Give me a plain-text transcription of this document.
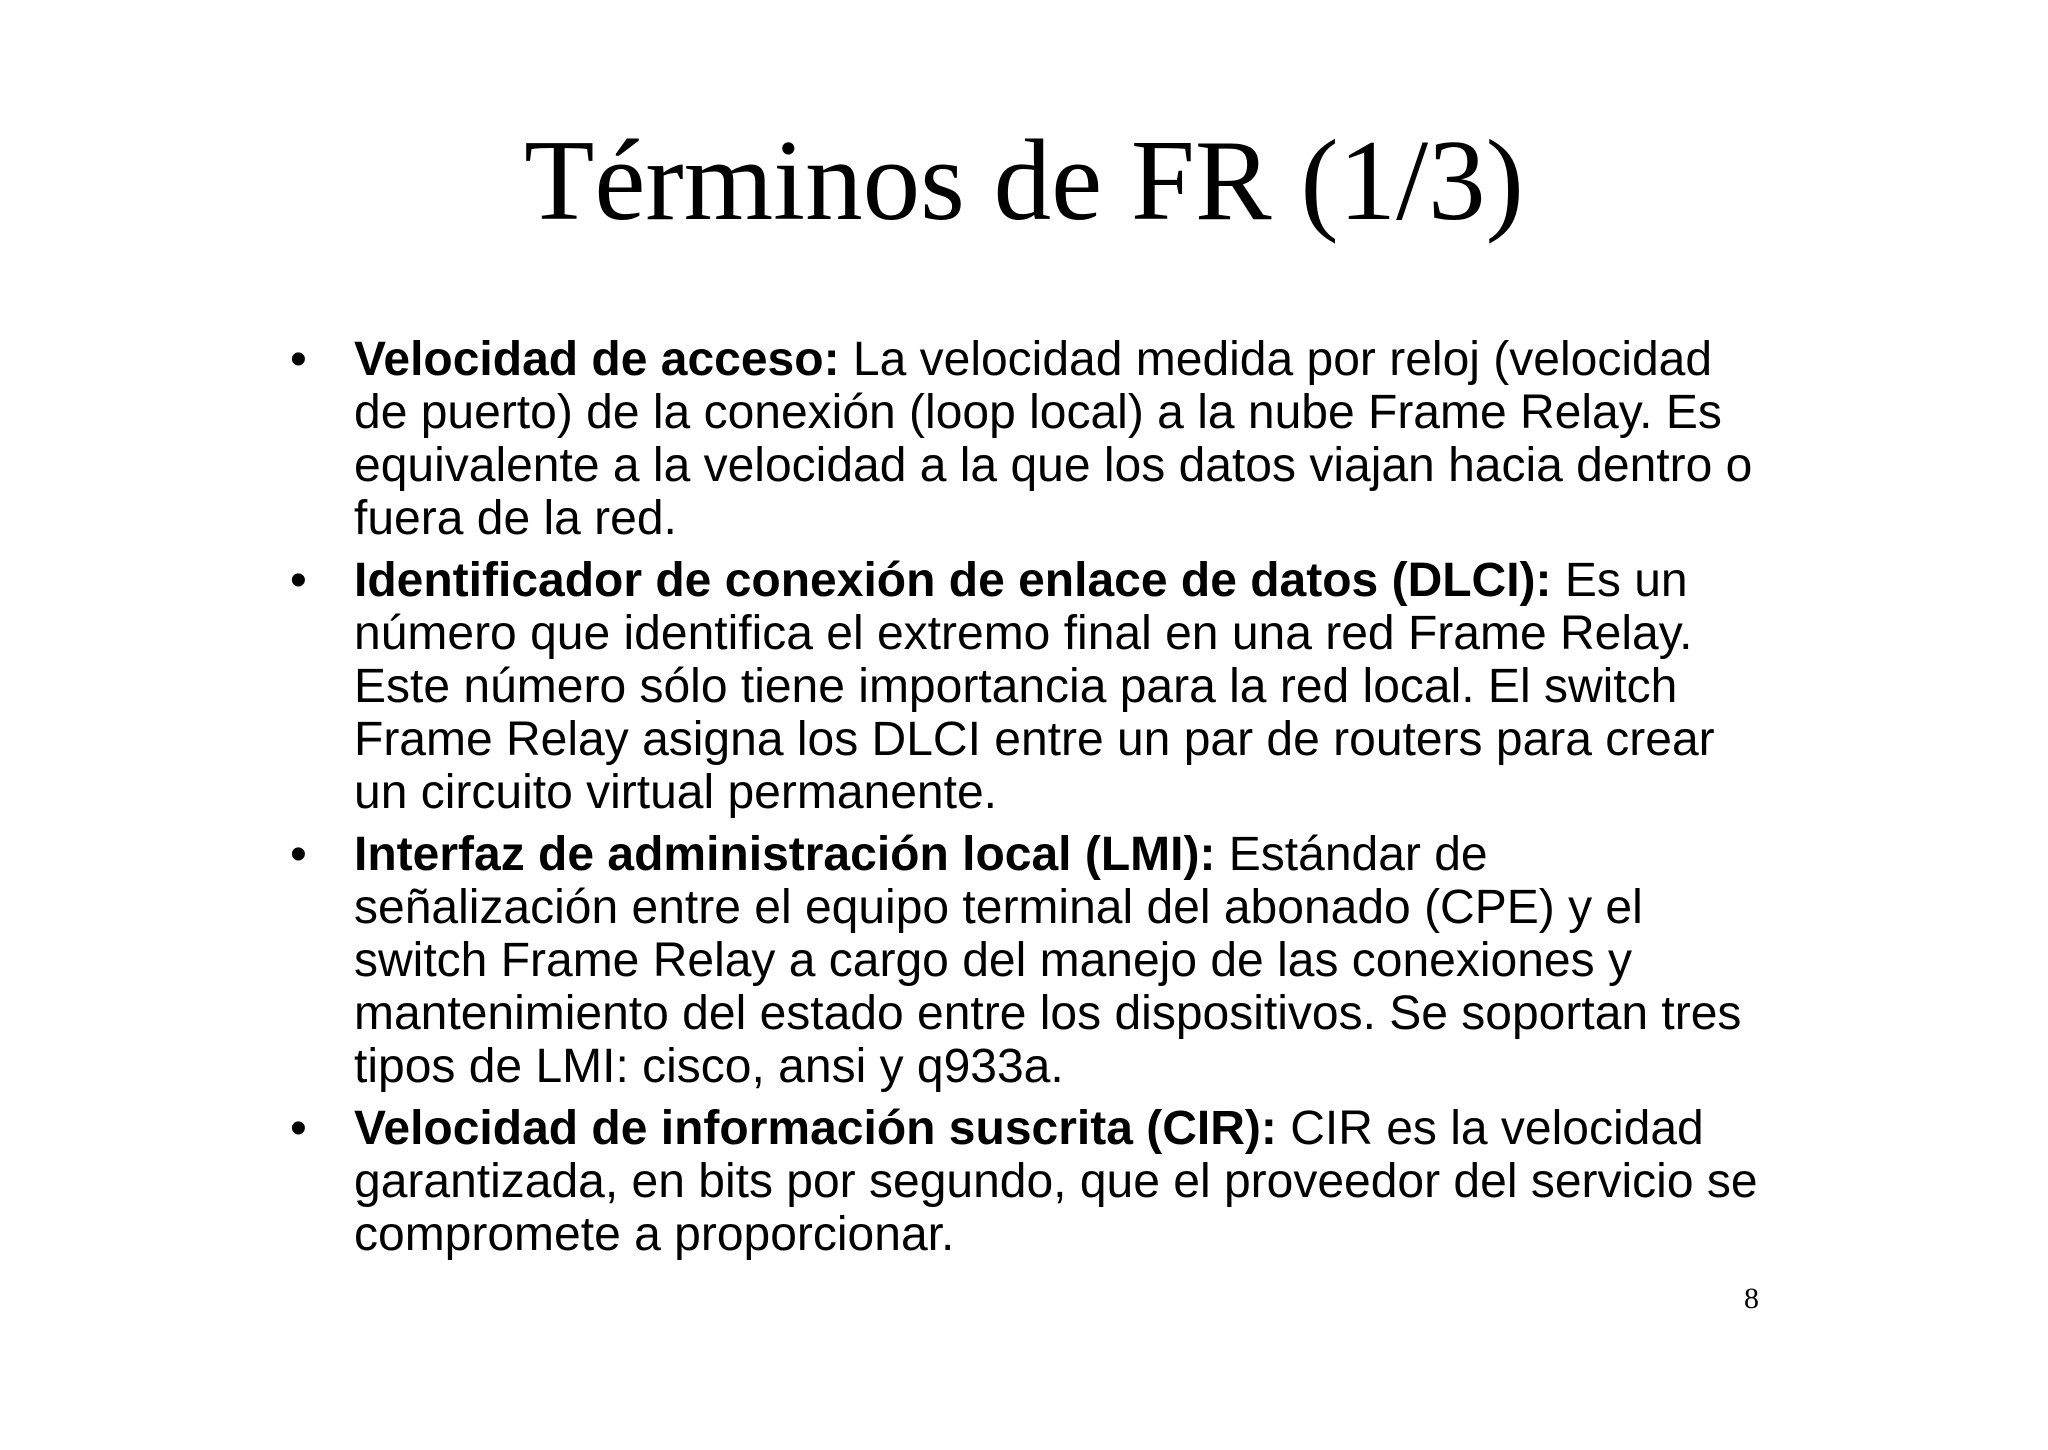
Términos de FR (1/3)
• Velocidad de acceso: La velocidad medida por reloj (velocidad de puerto) de la conexión (loop local) a la nube Frame Relay. Es equivalente a la velocidad a la que los datos viajan hacia dentro o fuera de la red.
• Identificador de conexión de enlace de datos (DLCI): Es un número que identifica el extremo final en una red Frame Relay. Este número sólo tiene importancia para la red local. El switch Frame Relay asigna los DLCI entre un par de routers para crear un circuito virtual permanente.
• Interfaz de administración local (LMI): Estándar de señalización entre el equipo terminal del abonado (CPE) y el switch Frame Relay a cargo del manejo de las conexiones y mantenimiento del estado entre los dispositivos. Se soportan tres tipos de LMI: cisco, ansi y q933a.
• Velocidad de información suscrita (CIR): CIR es la velocidad garantizada, en bits por segundo, que el proveedor del servicio se compromete a proporcionar.
8
